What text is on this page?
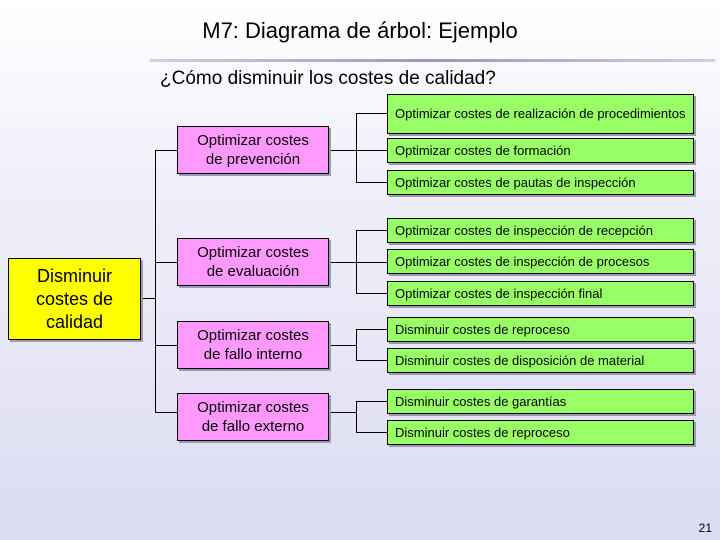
M7: Diagrama de árbol: Ejemplo
¿Cómo disminuir los costes de calidad?
Disminuir costes de calidad
Optimizar costes
de prevención
Optimizar costes
de evaluación
Optimizar costes
de fallo interno
Optimizar costes
de fallo externo
Optimizar costes de realización de procedimientos
Optimizar costes de formación
Optimizar costes de pautas de inspección
Optimizar costes de inspección de recepción
Optimizar costes de inspección de procesos
Optimizar costes de inspección final
Disminuir costes de reproceso
Disminuir costes de disposición de material
Disminuir costes de garantías
Disminuir costes de reproceso
21
